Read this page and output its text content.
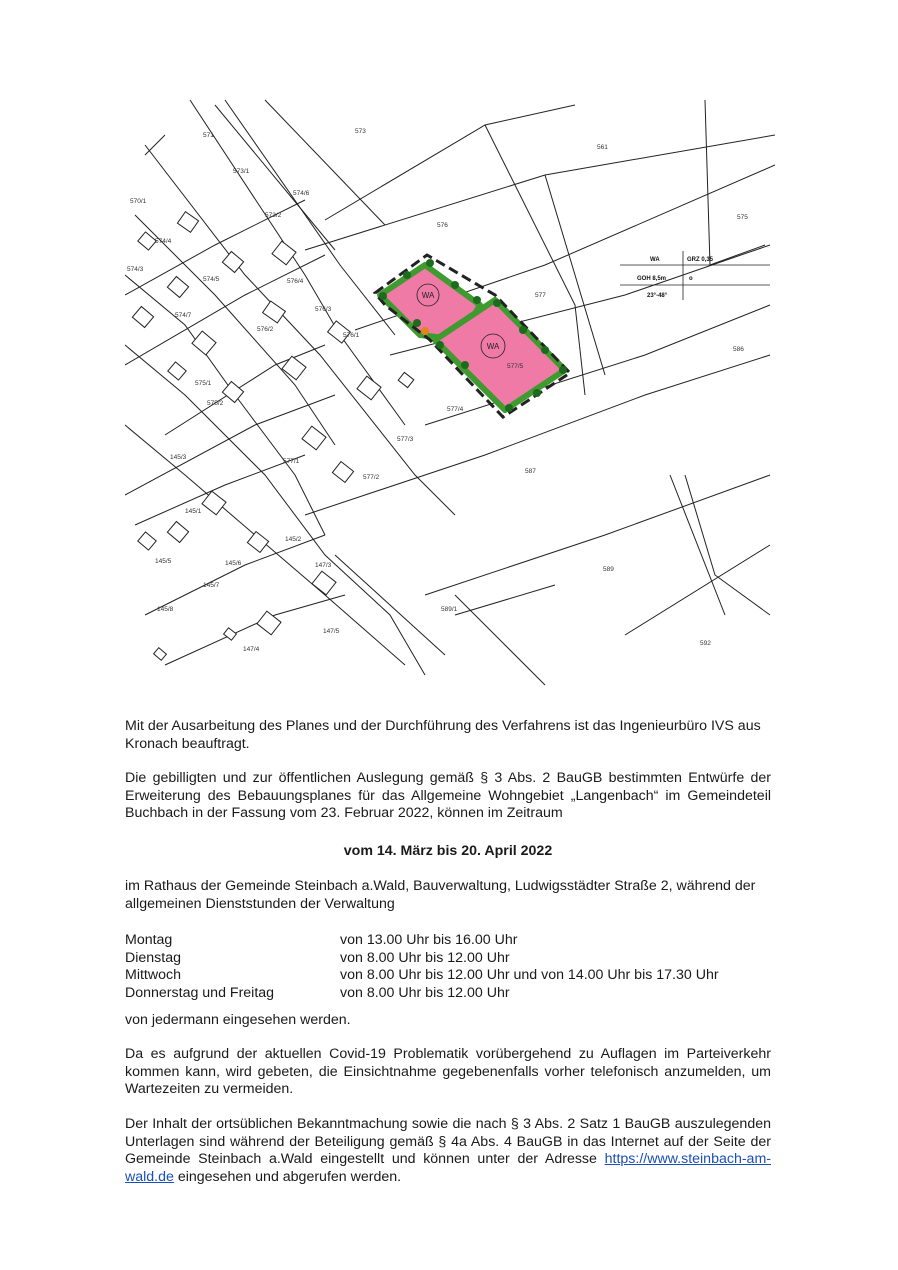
WA
WA
WA	GRZ 0,35
GOH 8,5m	o
23°-48°
571
573
561
575
573/1
574/6
573/2
574/4
574/3
574/5
574/7
576
577
576/4
576/3
576/2
576/1
577/5
586
575/1
575/2
577/4
577/3
577/1
577/2
587
145/3
145/1
145/5
145/2
145/6
145/7
145/8
147/3
147/5
147/4
589
589/1
592
570/1
Mit der Ausarbeitung des Planes und der Durchführung des Verfahrens ist das Ingenieurbüro IVS aus Kronach beauftragt.
Die gebilligten und zur öffentlichen Auslegung gemäß § 3 Abs. 2 BauGB bestimmten Entwürfe der Erweiterung des Bebauungsplanes für das Allgemeine Wohngebiet „Langenbach“ im Gemeindeteil Buchbach in der Fassung vom 23. Februar 2022, können im Zeitraum
vom 14. März bis 20. April 2022
im Rathaus der Gemeinde Steinbach a.Wald, Bauverwaltung, Ludwigsstädter Straße 2, während der allgemeinen Dienststunden der Verwaltung
Montag	von 13.00 Uhr bis 16.00 Uhr
Dienstag	von 8.00 Uhr bis 12.00 Uhr
Mittwoch	von 8.00 Uhr bis 12.00 Uhr und von 14.00 Uhr bis 17.30 Uhr
Donnerstag und Freitag	von 8.00 Uhr bis 12.00 Uhr
von jedermann eingesehen werden.
Da es aufgrund der aktuellen Covid-19 Problematik vorübergehend zu Auflagen im Parteiverkehr kommen kann, wird gebeten, die Einsichtnahme gegebenenfalls vorher telefonisch anzumelden, um Wartezeiten zu vermeiden.
Der Inhalt der ortsüblichen Bekanntmachung sowie die nach § 3 Abs. 2 Satz 1 BauGB auszulegenden Unterlagen sind während der Beteiligung gemäß § 4a Abs. 4 BauGB in das Internet auf der Seite der Gemeinde Steinbach a.Wald eingestellt und können unter der Adresse https://www.steinbach-am-wald.de eingesehen und abgerufen werden.
